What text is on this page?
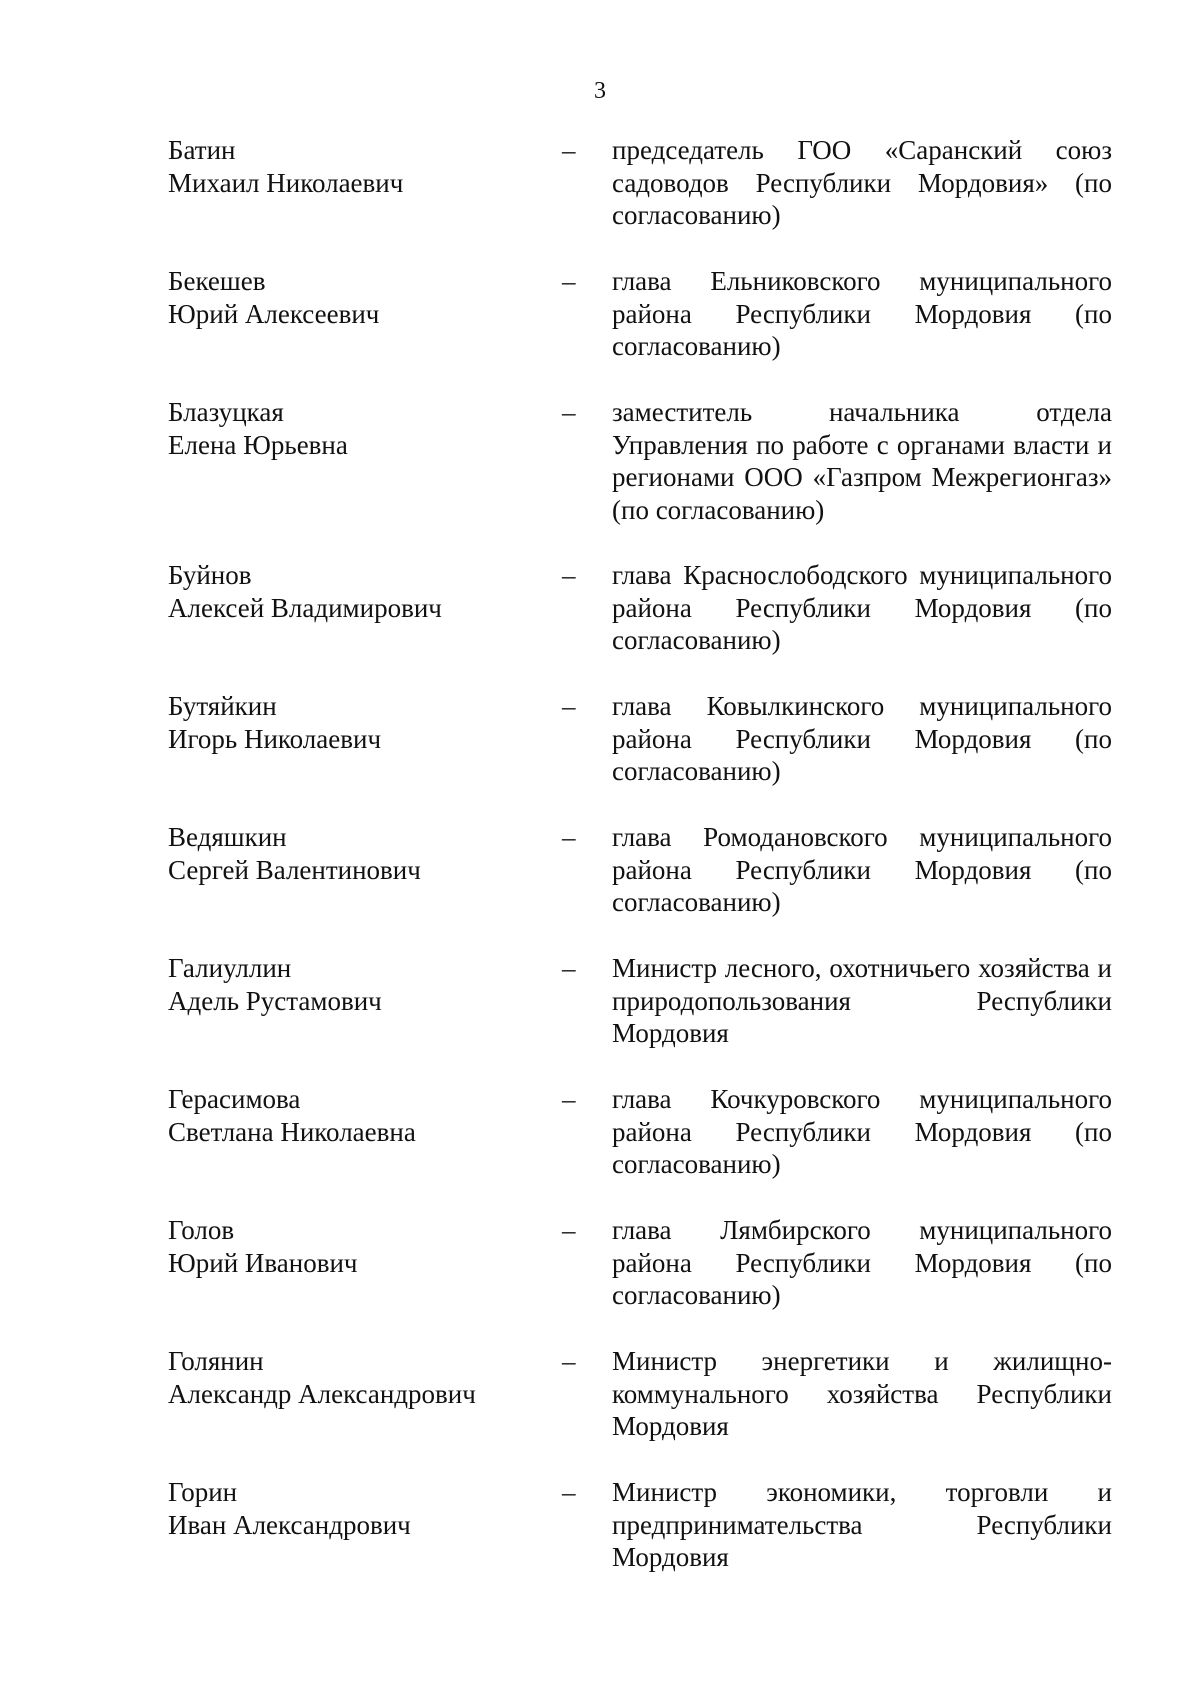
3
Батин
Михаил Николаевич
– председатель ГОО «Саранский союз садоводов Республики Мордовия» (по согласованию)
Бекешев
Юрий Алексеевич
– глава Ельниковского муниципального района Республики Мордовия (по согласованию)
Блазуцкая
Елена Юрьевна
– заместитель начальника отдела Управления по работе с органами власти и регионами ООО «Газпром Межрегионгаз» (по согласованию)
Буйнов
Алексей Владимирович
– глава Краснослободского муниципального района Республики Мордовия (по согласованию)
Бутяйкин
Игорь Николаевич
– глава Ковылкинского муниципального района Республики Мордовия (по согласованию)
Ведяшкин
Сергей Валентинович
– глава Ромодановского муниципального района Республики Мордовия (по согласованию)
Галиуллин
Адель Рустамович
– Министр лесного, охотничьего хозяйства и природопользования Республики Мордовия
Герасимова
Светлана Николаевна
– глава Кочкуровского муниципального района Республики Мордовия (по согласованию)
Голов
Юрий Иванович
– глава Лямбирского муниципального района Республики Мордовия (по согласованию)
Голянин
Александр Александрович
– Министр энергетики и жилищно-коммунального хозяйства Республики Мордовия
Горин
Иван Александрович
– Министр экономики, торговли и предпринимательства Республики Мордовия
